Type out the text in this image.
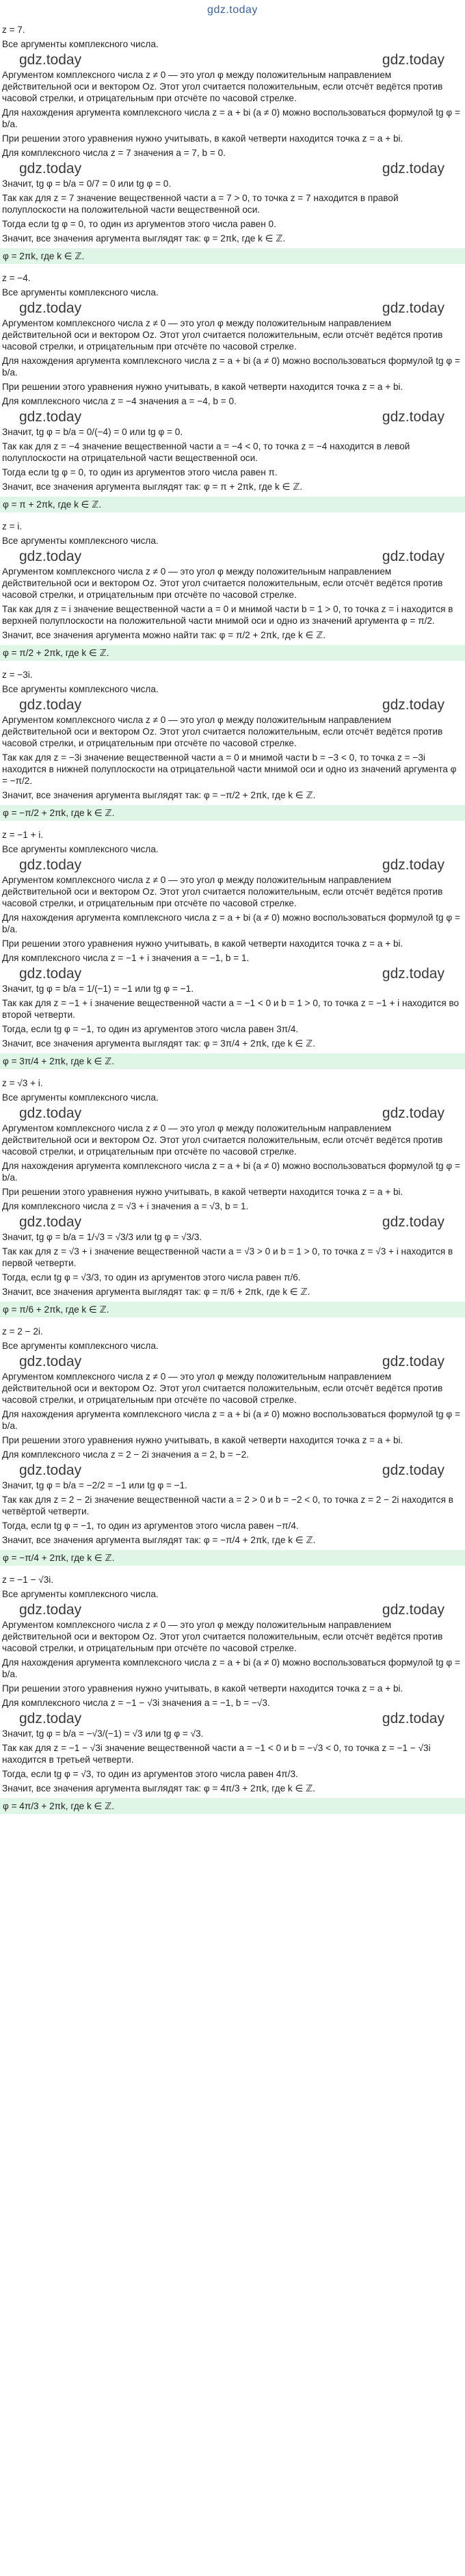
gdz.today
z = 7.
Все аргументы комплексного числа.
gdz.today	gdz.today
Аргументом комплексного числа z ≠ 0 — это угол φ между положительным направлением действительной оси и вектором Oz. Этот угол считается положительным, если отсчёт ведётся против часовой стрелки, и отрицательным при отсчёте по часовой стрелке.
Для нахождения аргумента комплексного числа z = a + bi (a ≠ 0) можно воспользоваться формулой tg φ = b/a.
При решении этого уравнения нужно учитывать, в какой четверти находится точка z = a + bi.
Для комплексного числа z = 7 значения a = 7, b = 0.
gdz.today	gdz.today
Значит, tg φ = b/a = 0/7 = 0 или tg φ = 0.
Так как для z = 7 значение вещественной части a = 7 > 0, то точка z = 7 находится в правой полуплоскости на положительной части вещественной оси.
Тогда если tg φ = 0, то один из аргументов этого числа равен 0.
Значит, все значения аргумента выглядят так: φ = 2πk, где k ∈ ℤ.
φ = 2πk, где k ∈ ℤ.
z = −4.
Все аргументы комплексного числа.
gdz.today	gdz.today
Аргументом комплексного числа z ≠ 0 — это угол φ между положительным направлением действительной оси и вектором Oz. Этот угол считается положительным, если отсчёт ведётся против часовой стрелки, и отрицательным при отсчёте по часовой стрелке.
Для нахождения аргумента комплексного числа z = a + bi (a ≠ 0) можно воспользоваться формулой tg φ = b/a.
При решении этого уравнения нужно учитывать, в какой четверти находится точка z = a + bi.
Для комплексного числа z = −4 значения a = −4, b = 0.
gdz.today	gdz.today
Значит, tg φ = b/a = 0/(−4) = 0 или tg φ = 0.
Так как для z = −4 значение вещественной части a = −4 < 0, то точка z = −4 находится в левой полуплоскости на отрицательной части вещественной оси.
Тогда если tg φ = 0, то один из аргументов этого числа равен π.
Значит, все значения аргумента выглядят так: φ = π + 2πk, где k ∈ ℤ.
φ = π + 2πk, где k ∈ ℤ.
z = i.
Все аргументы комплексного числа.
gdz.today	gdz.today
Аргументом комплексного числа z ≠ 0 — это угол φ между положительным направлением действительной оси и вектором Oz. Этот угол считается положительным, если отсчёт ведётся против часовой стрелки, и отрицательным при отсчёте по часовой стрелке.
Так как для z = i значение вещественной части a = 0 и мнимой части b = 1 > 0, то точка z = i находится в верхней полуплоскости на положительной части мнимой оси и одно из значений аргумента φ = π/2.
Значит, все значения аргумента можно найти так: φ = π/2 + 2πk, где k ∈ ℤ.
φ = π/2 + 2πk, где k ∈ ℤ.
z = −3i.
Все аргументы комплексного числа.
gdz.today	gdz.today
Аргументом комплексного числа z ≠ 0 — это угол φ между положительным направлением действительной оси и вектором Oz. Этот угол считается положительным, если отсчёт ведётся против часовой стрелки, и отрицательным при отсчёте по часовой стрелке.
Так как для z = −3i значение вещественной части a = 0 и мнимой части b = −3 < 0, то точка z = −3i находится в нижней полуплоскости на отрицательной части мнимой оси и одно из значений аргумента φ = −π/2.
Значит, все значения аргумента выглядят так: φ = −π/2 + 2πk, где k ∈ ℤ.
φ = −π/2 + 2πk, где k ∈ ℤ.
z = −1 + i.
Все аргументы комплексного числа.
gdz.today	gdz.today
Аргументом комплексного числа z ≠ 0 — это угол φ между положительным направлением действительной оси и вектором Oz. Этот угол считается положительным, если отсчёт ведётся против часовой стрелки, и отрицательным при отсчёте по часовой стрелке.
Для нахождения аргумента комплексного числа z = a + bi (a ≠ 0) можно воспользоваться формулой tg φ = b/a.
При решении этого уравнения нужно учитывать, в какой четверти находится точка z = a + bi.
Для комплексного числа z = −1 + i значения a = −1, b = 1.
gdz.today	gdz.today
Значит, tg φ = b/a = 1/(−1) = −1 или tg φ = −1.
Так как для z = −1 + i значение вещественной части a = −1 < 0 и b = 1 > 0, то точка z = −1 + i находится во второй четверти.
Тогда, если tg φ = −1, то один из аргументов этого числа равен 3π/4.
Значит, все значения аргумента выглядят так: φ = 3π/4 + 2πk, где k ∈ ℤ.
φ = 3π/4 + 2πk, где k ∈ ℤ.
z = √3 + i.
Все аргументы комплексного числа.
gdz.today	gdz.today
Аргументом комплексного числа z ≠ 0 — это угол φ между положительным направлением действительной оси и вектором Oz. Этот угол считается положительным, если отсчёт ведётся против часовой стрелки, и отрицательным при отсчёте по часовой стрелке.
Для нахождения аргумента комплексного числа z = a + bi (a ≠ 0) можно воспользоваться формулой tg φ = b/a.
При решении этого уравнения нужно учитывать, в какой четверти находится точка z = a + bi.
Для комплексного числа z = √3 + i значения a = √3, b = 1.
gdz.today	gdz.today
Значит, tg φ = b/a = 1/√3 = √3/3 или tg φ = √3/3.
Так как для z = √3 + i значение вещественной части a = √3 > 0 и b = 1 > 0, то точка z = √3 + i находится в первой четверти.
Тогда, если tg φ = √3/3, то один из аргументов этого числа равен π/6.
Значит, все значения аргумента выглядят так: φ = π/6 + 2πk, где k ∈ ℤ.
φ = π/6 + 2πk, где k ∈ ℤ.
z = 2 − 2i.
Все аргументы комплексного числа.
gdz.today	gdz.today
Аргументом комплексного числа z ≠ 0 — это угол φ между положительным направлением действительной оси и вектором Oz. Этот угол считается положительным, если отсчёт ведётся против часовой стрелки, и отрицательным при отсчёте по часовой стрелке.
Для нахождения аргумента комплексного числа z = a + bi (a ≠ 0) можно воспользоваться формулой tg φ = b/a.
При решении этого уравнения нужно учитывать, в какой четверти находится точка z = a + bi.
Для комплексного числа z = 2 − 2i значения a = 2, b = −2.
gdz.today	gdz.today
Значит, tg φ = b/a = −2/2 = −1 или tg φ = −1.
Так как для z = 2 − 2i значение вещественной части a = 2 > 0 и b = −2 < 0, то точка z = 2 − 2i находится в четвёртой четверти.
Тогда, если tg φ = −1, то один из аргументов этого числа равен −π/4.
Значит, все значения аргумента выглядят так: φ = −π/4 + 2πk, где k ∈ ℤ.
φ = −π/4 + 2πk, где k ∈ ℤ.
z = −1 − √3i.
Все аргументы комплексного числа.
gdz.today	gdz.today
Аргументом комплексного числа z ≠ 0 — это угол φ между положительным направлением действительной оси и вектором Oz. Этот угол считается положительным, если отсчёт ведётся против часовой стрелки, и отрицательным при отсчёте по часовой стрелке.
Для нахождения аргумента комплексного числа z = a + bi (a ≠ 0) можно воспользоваться формулой tg φ = b/a.
При решении этого уравнения нужно учитывать, в какой четверти находится точка z = a + bi.
Для комплексного числа z = −1 − √3i значения a = −1, b = −√3.
gdz.today	gdz.today
Значит, tg φ = b/a = −√3/(−1) = √3 или tg φ = √3.
Так как для z = −1 − √3i значение вещественной части a = −1 < 0 и b = −√3 < 0, то точка z = −1 − √3i находится в третьей четверти.
Тогда, если tg φ = √3, то один из аргументов этого числа равен 4π/3.
Значит, все значения аргумента выглядят так: φ = 4π/3 + 2πk, где k ∈ ℤ.
φ = 4π/3 + 2πk, где k ∈ ℤ.
